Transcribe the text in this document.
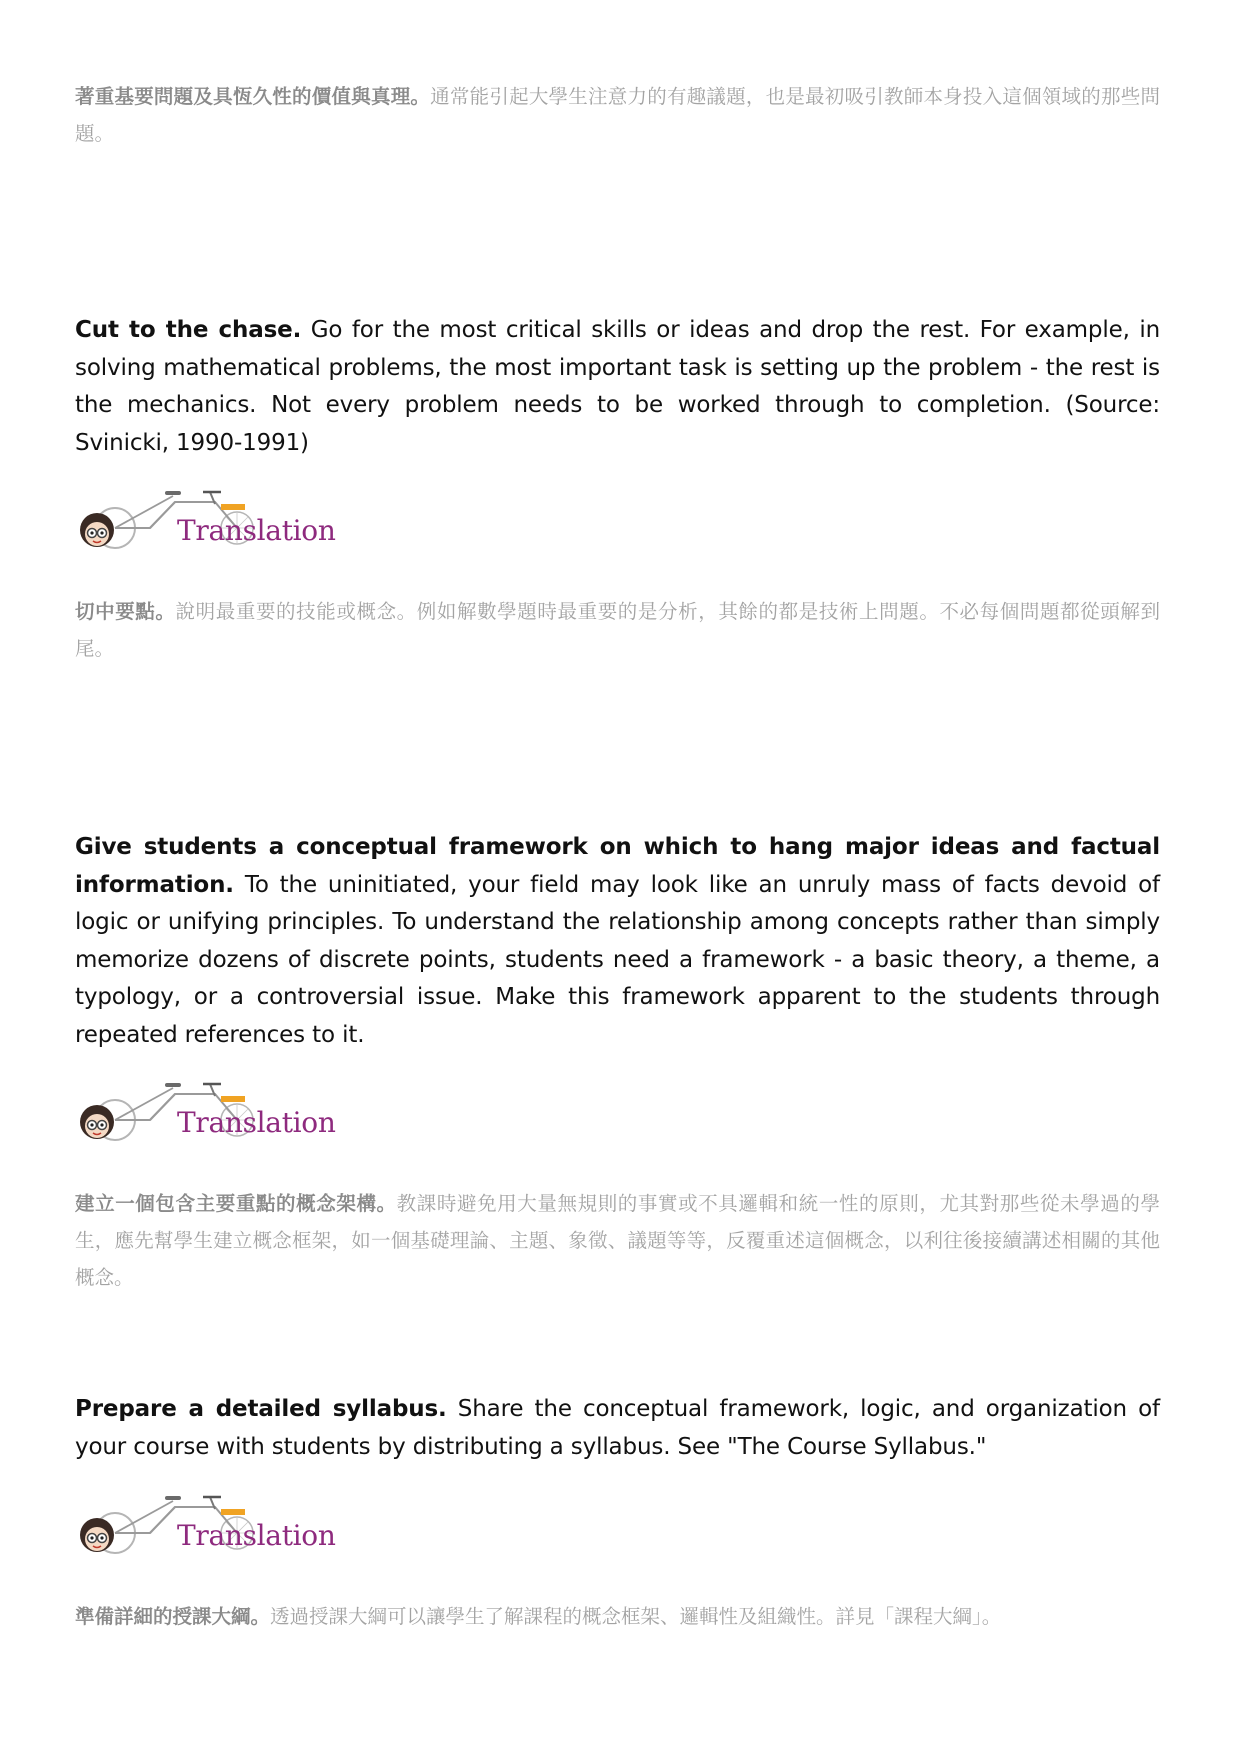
著重基要問題及具恆久性的價值與真理。通常能引起大學生注意力的有趣議題，也是最初吸引教師本身投入這個領域的那些問題。
Cut to the chase. Go for the most critical skills or ideas and drop the rest. For example, in solving mathematical problems, the most important task is setting up the problem - the rest is the mechanics. Not every problem needs to be worked through to completion. (Source: Svinicki, 1990-1991)
Translation
切中要點。說明最重要的技能或概念。例如解數學題時最重要的是分析，其餘的都是技術上問題。不必每個問題都從頭解到尾。
Give students a conceptual framework on which to hang major ideas and factual information. To the uninitiated, your field may look like an unruly mass of facts devoid of logic or unifying principles. To understand the relationship among concepts rather than simply memorize dozens of discrete points, students need a framework - a basic theory, a theme, a typology, or a controversial issue. Make this framework apparent to the students through repeated references to it.
Translation
建立一個包含主要重點的概念架構。教課時避免用大量無規則的事實或不具邏輯和統一性的原則，尤其對那些從未學過的學生，應先幫學生建立概念框架，如一個基礎理論、主題、象徵、議題等等，反覆重述這個概念，以利往後接續講述相關的其他概念。
Prepare a detailed syllabus. Share the conceptual framework, logic, and organization of your course with students by distributing a syllabus. See "The Course Syllabus."
Translation
準備詳細的授課大綱。透過授課大綱可以讓學生了解課程的概念框架、邏輯性及組織性。詳見「課程大綱」。
